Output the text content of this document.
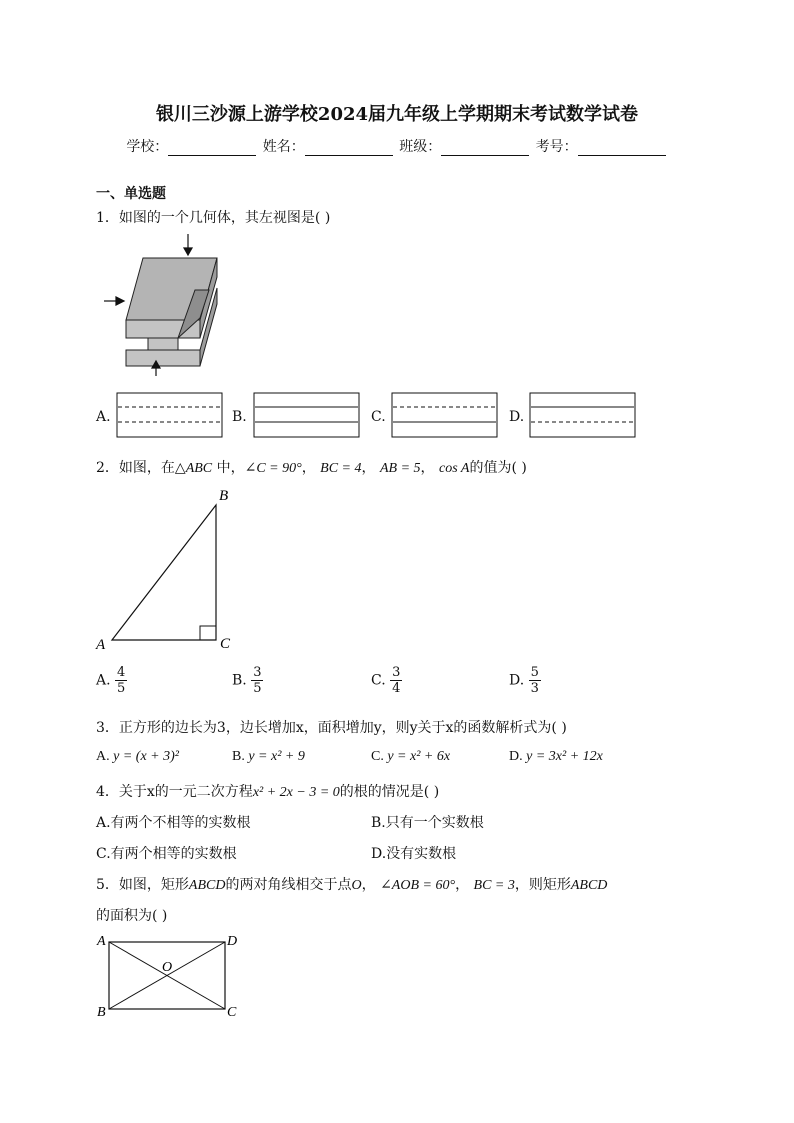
银川三沙源上游学校2024届九年级上学期期末考试数学试卷
学校：	姓名：	班级：	考号：
一、单选题
1．如图的一个几何体，其左视图是( )
A.	B.	C.	D.
2．如图，在△ABC 中，∠C = 90°， BC = 4， AB = 5， cos A的值为( )
A
B
C
A. $\frac{4}{5}$	B. $\frac{3}{5}$	C. $\frac{3}{4}$	D. $\frac{5}{3}$
3．正方形的边长为3，边长增加x，面积增加y，则y关于x的函数解析式为( )
A. y = (x + 3)²	B. y = x² + 9	C. y = x² + 6x	D. y = 3x² + 12x
4．关于x的一元二次方程x² + 2x − 3 = 0的根的情况是( )
A.有两个不相等的实数根	B.只有一个实数根
C.有两个相等的实数根	D.没有实数根
5．如图，矩形ABCD的两对角线相交于点O， ∠AOB = 60°， BC = 3，则矩形ABCD
的面积为( )
A	D
B	C
O
